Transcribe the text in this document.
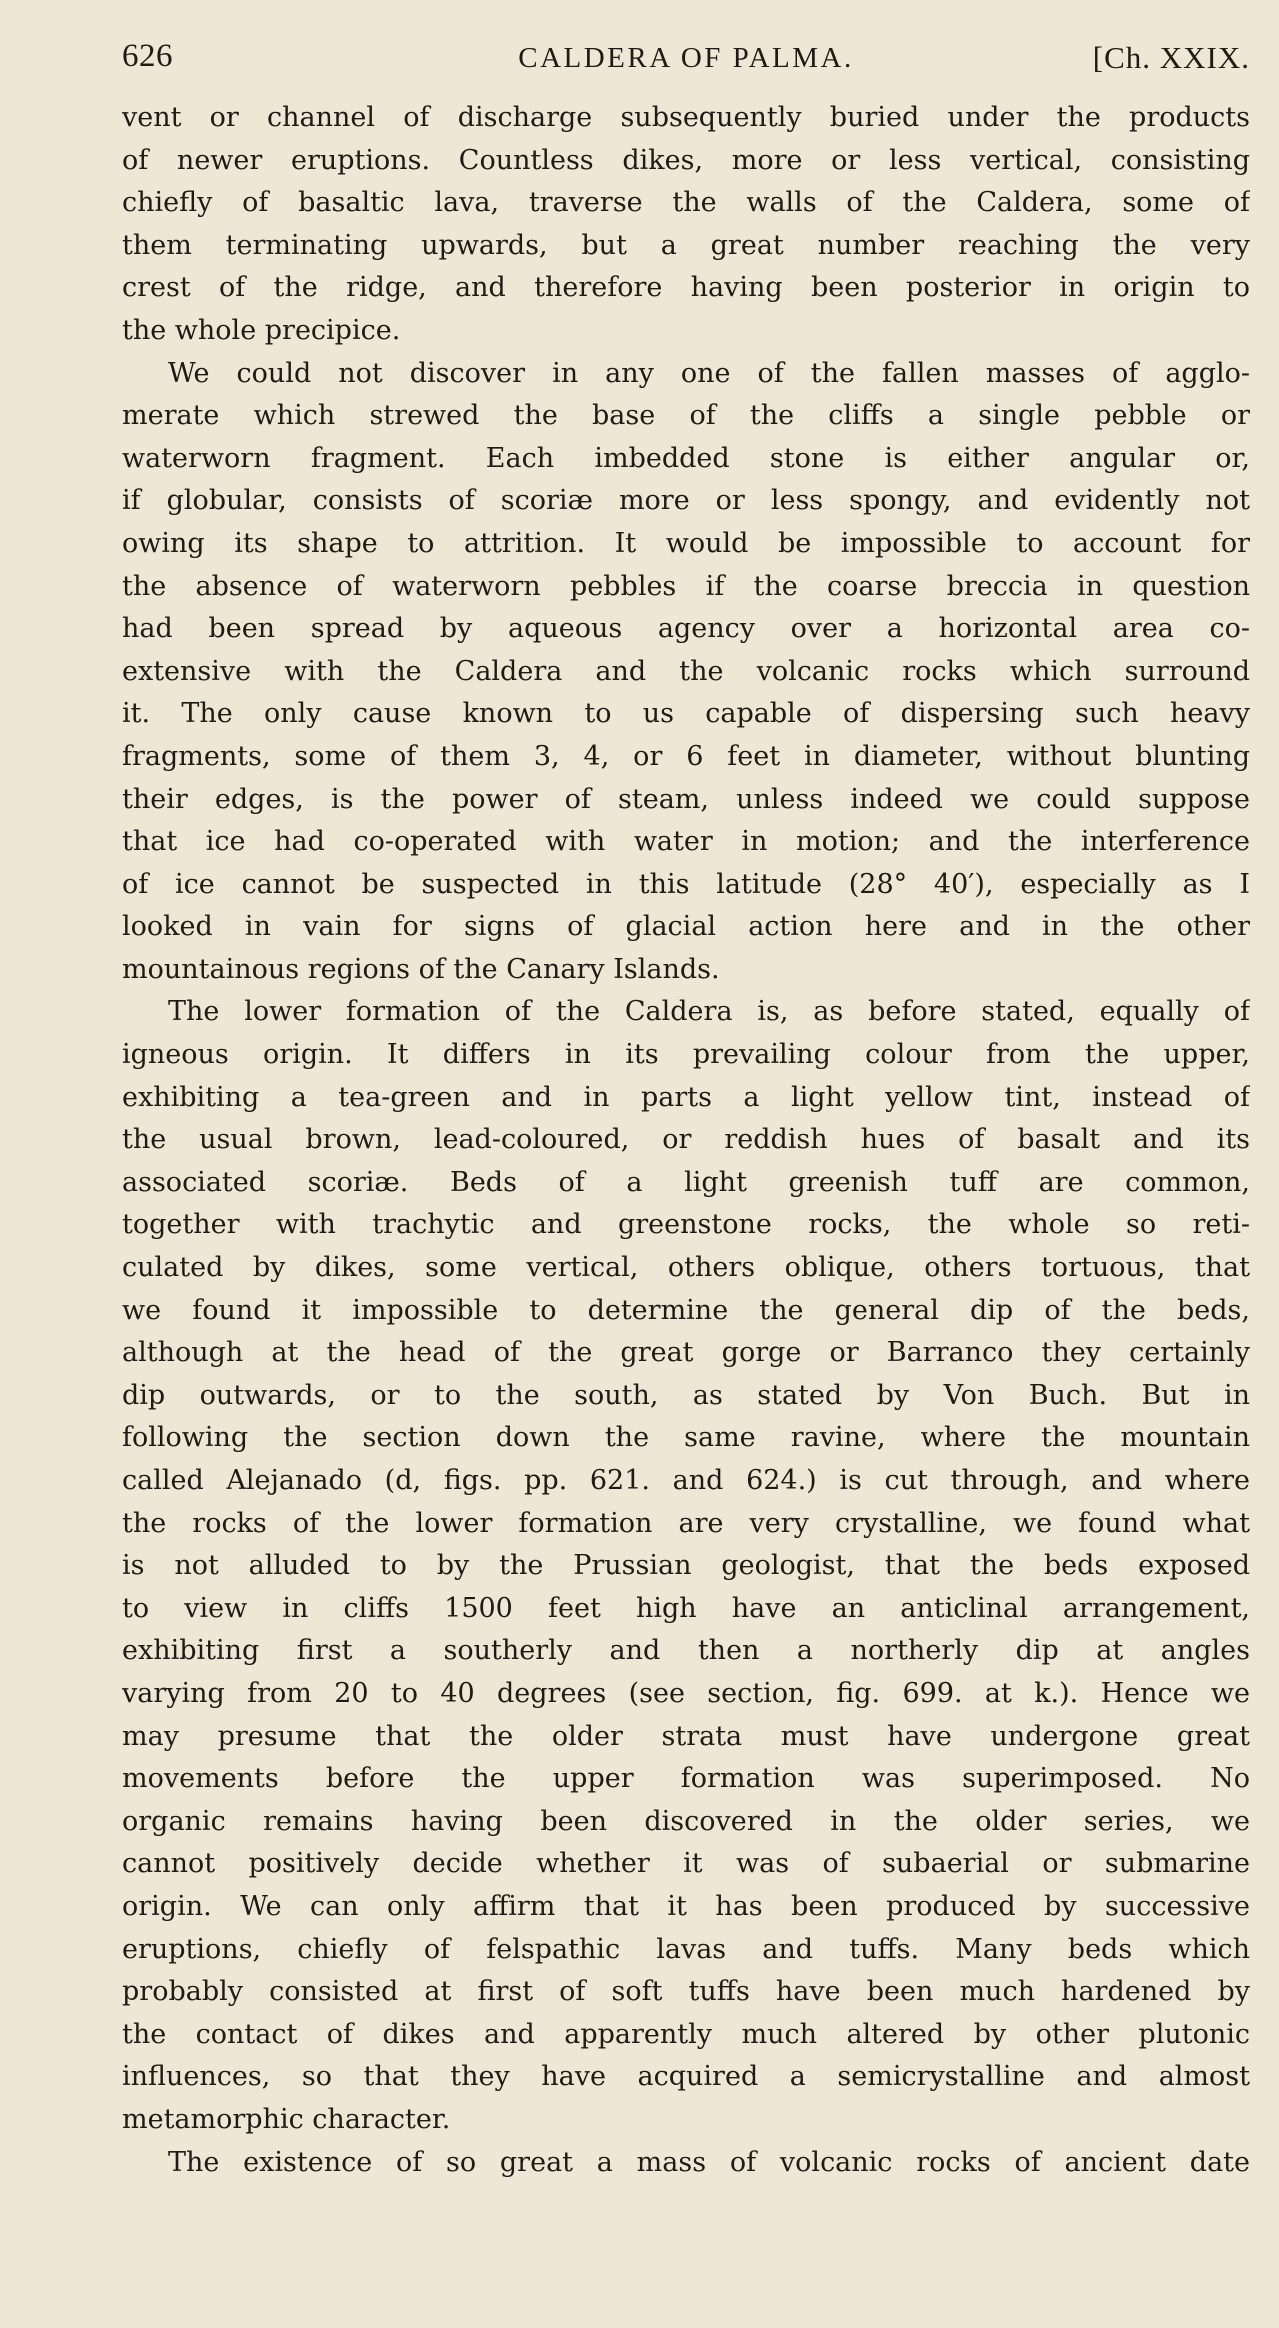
626	CALDERA OF PALMA.	[Ch. XXIX.
vent or channel of discharge subsequently buried under the products
of newer eruptions. Countless dikes, more or less vertical, consisting
chiefly of basaltic lava, traverse the walls of the Caldera, some of
them terminating upwards, but a great number reaching the very
crest of the ridge, and therefore having been posterior in origin to
the whole precipice.
We could not discover in any one of the fallen masses of agglo-
merate which strewed the base of the cliffs a single pebble or
waterworn fragment. Each imbedded stone is either angular or,
if globular, consists of scoriæ more or less spongy, and evidently not
owing its shape to attrition. It would be impossible to account for
the absence of waterworn pebbles if the coarse breccia in question
had been spread by aqueous agency over a horizontal area co-
extensive with the Caldera and the volcanic rocks which surround
it. The only cause known to us capable of dispersing such heavy
fragments, some of them 3, 4, or 6 feet in diameter, without blunting
their edges, is the power of steam, unless indeed we could suppose
that ice had co-operated with water in motion; and the interference
of ice cannot be suspected in this latitude (28° 40′), especially as I
looked in vain for signs of glacial action here and in the other
mountainous regions of the Canary Islands.
The lower formation of the Caldera is, as before stated, equally of
igneous origin. It differs in its prevailing colour from the upper,
exhibiting a tea-green and in parts a light yellow tint, instead of
the usual brown, lead-coloured, or reddish hues of basalt and its
associated scoriæ. Beds of a light greenish tuff are common,
together with trachytic and greenstone rocks, the whole so reti-
culated by dikes, some vertical, others oblique, others tortuous, that
we found it impossible to determine the general dip of the beds,
although at the head of the great gorge or Barranco they certainly
dip outwards, or to the south, as stated by Von Buch. But in
following the section down the same ravine, where the mountain
called Alejanado (d, figs. pp. 621. and 624.) is cut through, and where
the rocks of the lower formation are very crystalline, we found what
is not alluded to by the Prussian geologist, that the beds exposed
to view in cliffs 1500 feet high have an anticlinal arrangement,
exhibiting first a southerly and then a northerly dip at angles
varying from 20 to 40 degrees (see section, fig. 699. at k.). Hence we
may presume that the older strata must have undergone great
movements before the upper formation was superimposed. No
organic remains having been discovered in the older series, we
cannot positively decide whether it was of subaerial or submarine
origin. We can only affirm that it has been produced by successive
eruptions, chiefly of felspathic lavas and tuffs. Many beds which
probably consisted at first of soft tuffs have been much hardened by
the contact of dikes and apparently much altered by other plutonic
influences, so that they have acquired a semicrystalline and almost
metamorphic character.
The existence of so great a mass of volcanic rocks of ancient date
